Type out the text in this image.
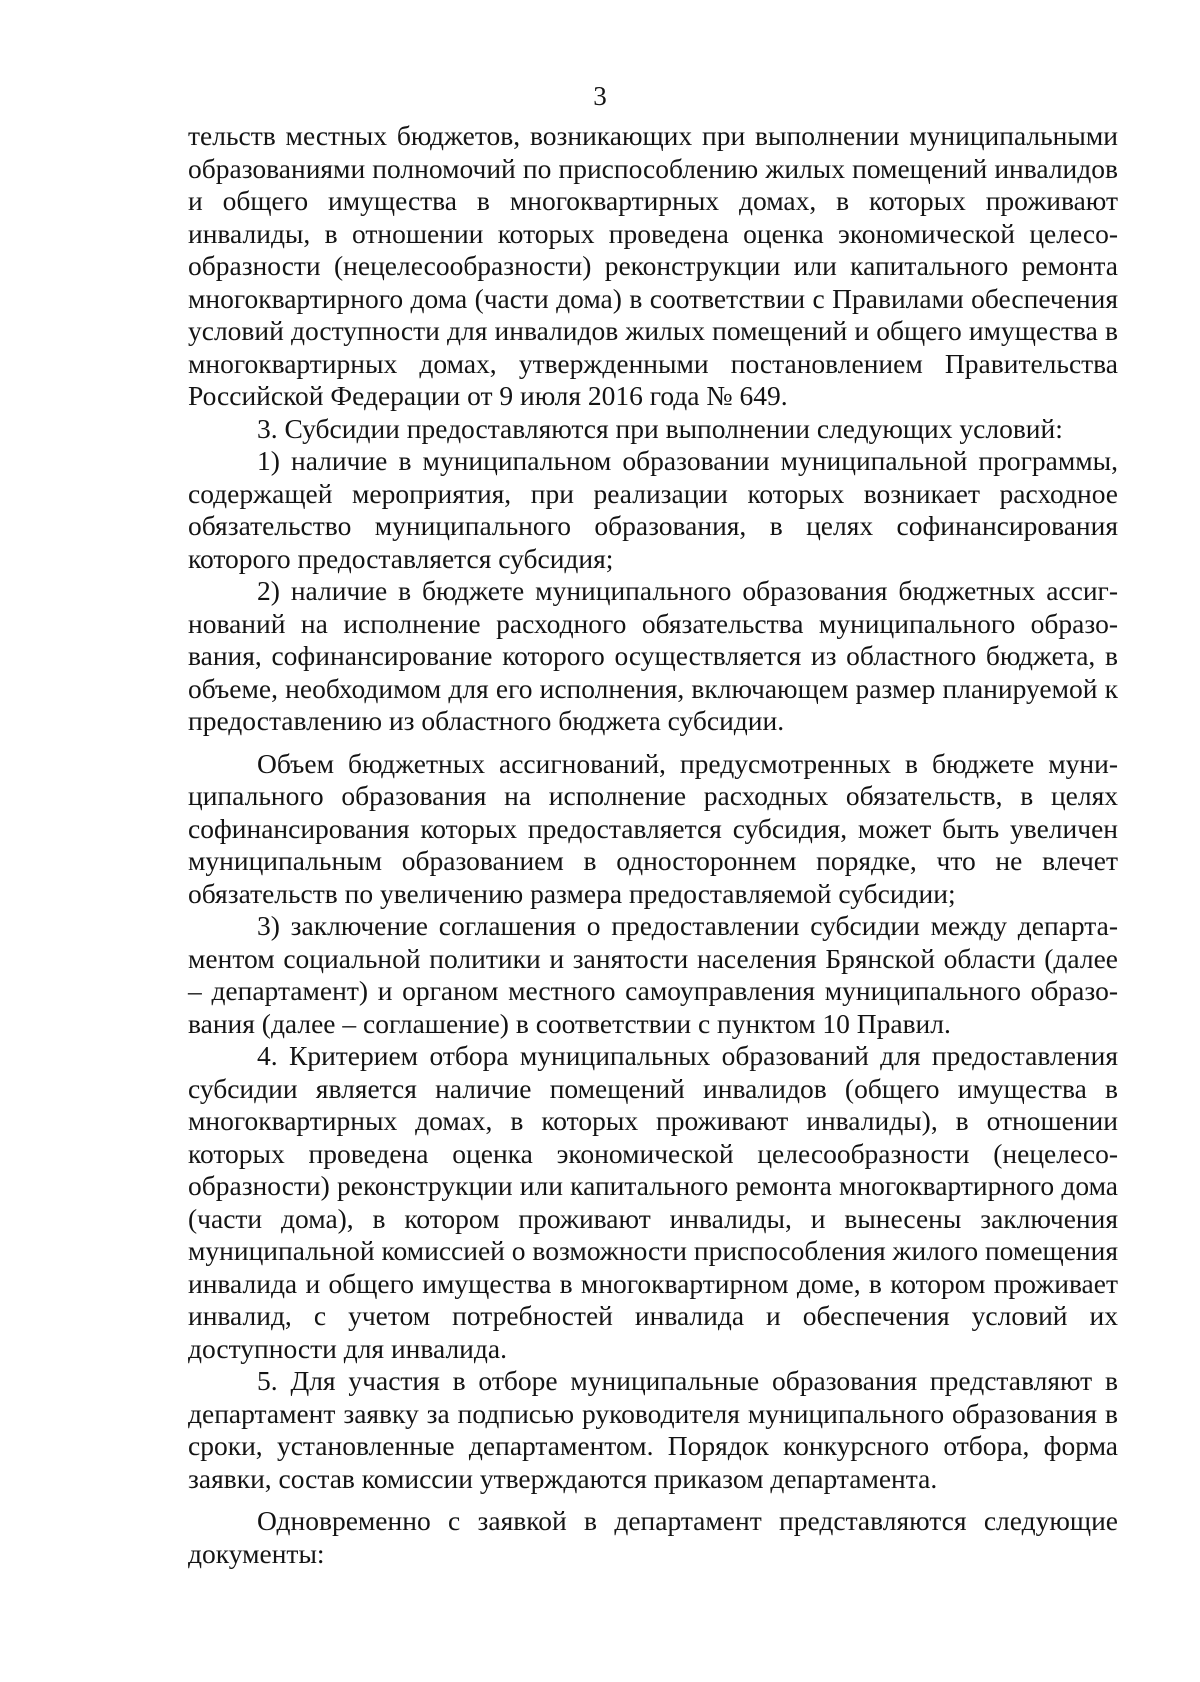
3

тельств местных бюджетов, возникающих при выполнении муниципальными образованиями полномочий по приспособлению жилых помещений инвалидов и общего имущества в многоквартирных домах, в которых проживают инвалиды, в отношении которых проведена оценка экономической целесообразности (нецелесообразности) реконструкции или капитального ремонта многоквартирного дома (части дома) в соответствии с Правилами обеспечения условий доступности для инвалидов жилых помещений и общего имущества в многоквартирных домах, утвержденными постановлением Правительства Российской Федерации от 9 июля 2016 года № 649.

3. Субсидии предоставляются при выполнении следующих условий:

1) наличие в муниципальном образовании муниципальной программы, содержащей мероприятия, при реализации которых возникает расходное обязательство муниципального образования, в целях софинансирования которого предоставляется субсидия;

2) наличие в бюджете муниципального образования бюджетных ассигнований на исполнение расходного обязательства муниципального образования, софинансирование которого осуществляется из областного бюджета, в объеме, необходимом для его исполнения, включающем размер планируемой к предоставлению из областного бюджета субсидии.

Объем бюджетных ассигнований, предусмотренных в бюджете муниципального образования на исполнение расходных обязательств, в целях софинансирования которых предоставляется субсидия, может быть увеличен муниципальным образованием в одностороннем порядке, что не влечет обязательств по увеличению размера предоставляемой субсидии;

3) заключение соглашения о предоставлении субсидии между департаментом социальной политики и занятости населения Брянской области (далее – департамент) и органом местного самоуправления муниципального образования (далее – соглашение) в соответствии с пунктом 10 Правил.

4. Критерием отбора муниципальных образований для предоставления субсидии является наличие помещений инвалидов (общего имущества в многоквартирных домах, в которых проживают инвалиды), в отношении которых проведена оценка экономической целесообразности (нецелесообразности) реконструкции или капитального ремонта многоквартирного дома (части дома), в котором проживают инвалиды, и вынесены заключения муниципальной комиссией о возможности приспособления жилого помещения инвалида и общего имущества в многоквартирном доме, в котором проживает инвалид, с учетом потребностей инвалида и обеспечения условий их доступности для инвалида.

5. Для участия в отборе муниципальные образования представляют в департамент заявку за подписью руководителя муниципального образования в сроки, установленные департаментом. Порядок конкурсного отбора, форма заявки, состав комиссии утверждаются приказом департамента.

Одновременно с заявкой в департамент представляются следующие документы:
